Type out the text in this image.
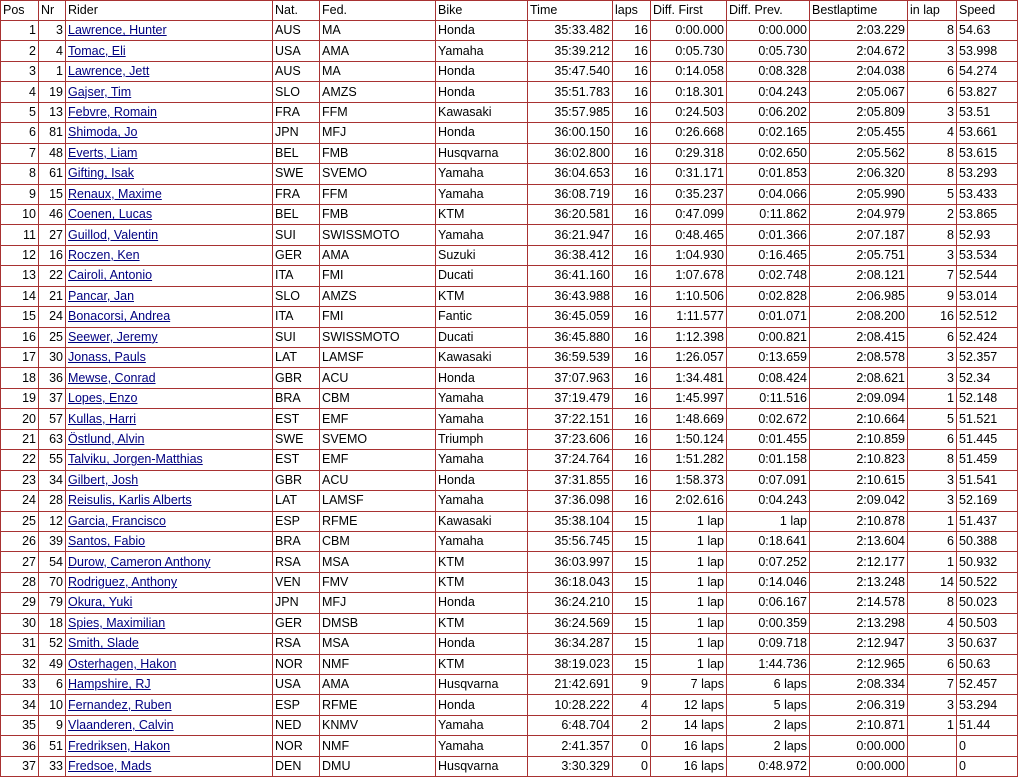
Pos	Nr	Rider	Nat.	Fed.	Bike	Time	laps	Diff. First	Diff. Prev.	Bestlaptime	in lap	Speed
1	3	Lawrence, Hunter	AUS	MA	Honda	35:33.482	16	0:00.000	0:00.000	2:03.229	8	54.63
2	4	Tomac, Eli	USA	AMA	Yamaha	35:39.212	16	0:05.730	0:05.730	2:04.672	3	53.998
3	1	Lawrence, Jett	AUS	MA	Honda	35:47.540	16	0:14.058	0:08.328	2:04.038	6	54.274
4	19	Gajser, Tim	SLO	AMZS	Honda	35:51.783	16	0:18.301	0:04.243	2:05.067	6	53.827
5	13	Febvre, Romain	FRA	FFM	Kawasaki	35:57.985	16	0:24.503	0:06.202	2:05.809	3	53.51
6	81	Shimoda, Jo	JPN	MFJ	Honda	36:00.150	16	0:26.668	0:02.165	2:05.455	4	53.661
7	48	Everts, Liam	BEL	FMB	Husqvarna	36:02.800	16	0:29.318	0:02.650	2:05.562	8	53.615
8	61	Gifting, Isak	SWE	SVEMO	Yamaha	36:04.653	16	0:31.171	0:01.853	2:06.320	8	53.293
9	15	Renaux, Maxime	FRA	FFM	Yamaha	36:08.719	16	0:35.237	0:04.066	2:05.990	5	53.433
10	46	Coenen, Lucas	BEL	FMB	KTM	36:20.581	16	0:47.099	0:11.862	2:04.979	2	53.865
11	27	Guillod, Valentin	SUI	SWISSMOTO	Yamaha	36:21.947	16	0:48.465	0:01.366	2:07.187	8	52.93
12	16	Roczen, Ken	GER	AMA	Suzuki	36:38.412	16	1:04.930	0:16.465	2:05.751	3	53.534
13	22	Cairoli, Antonio	ITA	FMI	Ducati	36:41.160	16	1:07.678	0:02.748	2:08.121	7	52.544
14	21	Pancar, Jan	SLO	AMZS	KTM	36:43.988	16	1:10.506	0:02.828	2:06.985	9	53.014
15	24	Bonacorsi, Andrea	ITA	FMI	Fantic	36:45.059	16	1:11.577	0:01.071	2:08.200	16	52.512
16	25	Seewer, Jeremy	SUI	SWISSMOTO	Ducati	36:45.880	16	1:12.398	0:00.821	2:08.415	6	52.424
17	30	Jonass, Pauls	LAT	LAMSF	Kawasaki	36:59.539	16	1:26.057	0:13.659	2:08.578	3	52.357
18	36	Mewse, Conrad	GBR	ACU	Honda	37:07.963	16	1:34.481	0:08.424	2:08.621	3	52.34
19	37	Lopes, Enzo	BRA	CBM	Yamaha	37:19.479	16	1:45.997	0:11.516	2:09.094	1	52.148
20	57	Kullas, Harri	EST	EMF	Yamaha	37:22.151	16	1:48.669	0:02.672	2:10.664	5	51.521
21	63	Östlund, Alvin	SWE	SVEMO	Triumph	37:23.606	16	1:50.124	0:01.455	2:10.859	6	51.445
22	55	Talviku, Jorgen-Matthias	EST	EMF	Yamaha	37:24.764	16	1:51.282	0:01.158	2:10.823	8	51.459
23	34	Gilbert, Josh	GBR	ACU	Honda	37:31.855	16	1:58.373	0:07.091	2:10.615	3	51.541
24	28	Reisulis, Karlis Alberts	LAT	LAMSF	Yamaha	37:36.098	16	2:02.616	0:04.243	2:09.042	3	52.169
25	12	Garcia, Francisco	ESP	RFME	Kawasaki	35:38.104	15	1 lap	1 lap	2:10.878	1	51.437
26	39	Santos, Fabio	BRA	CBM	Yamaha	35:56.745	15	1 lap	0:18.641	2:13.604	6	50.388
27	54	Durow, Cameron Anthony	RSA	MSA	KTM	36:03.997	15	1 lap	0:07.252	2:12.177	1	50.932
28	70	Rodriguez, Anthony	VEN	FMV	KTM	36:18.043	15	1 lap	0:14.046	2:13.248	14	50.522
29	79	Okura, Yuki	JPN	MFJ	Honda	36:24.210	15	1 lap	0:06.167	2:14.578	8	50.023
30	18	Spies, Maximilian	GER	DMSB	KTM	36:24.569	15	1 lap	0:00.359	2:13.298	4	50.503
31	52	Smith, Slade	RSA	MSA	Honda	36:34.287	15	1 lap	0:09.718	2:12.947	3	50.637
32	49	Osterhagen, Hakon	NOR	NMF	KTM	38:19.023	15	1 lap	1:44.736	2:12.965	6	50.63
33	6	Hampshire, RJ	USA	AMA	Husqvarna	21:42.691	9	7 laps	6 laps	2:08.334	7	52.457
34	10	Fernandez, Ruben	ESP	RFME	Honda	10:28.222	4	12 laps	5 laps	2:06.319	3	53.294
35	9	Vlaanderen, Calvin	NED	KNMV	Yamaha	6:48.704	2	14 laps	2 laps	2:10.871	1	51.44
36	51	Fredriksen, Hakon	NOR	NMF	Yamaha	2:41.357	0	16 laps	2 laps	0:00.000		0
37	33	Fredsoe, Mads	DEN	DMU	Husqvarna	3:30.329	0	16 laps	0:48.972	0:00.000		0
